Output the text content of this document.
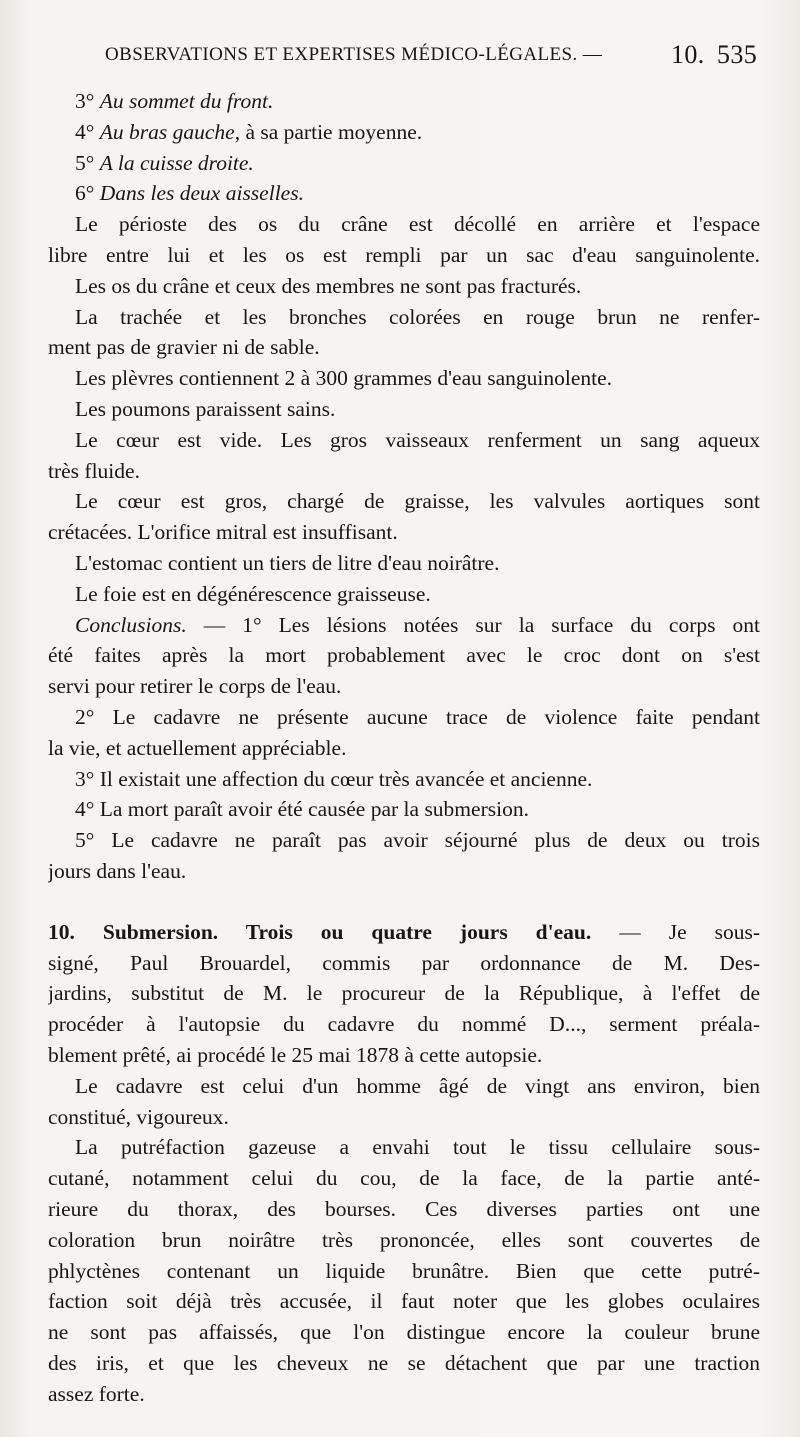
OBSERVATIONS ET EXPERTISES MÉDICO-LÉGALES. —	10. 535
3° Au sommet du front.
4° Au bras gauche, à sa partie moyenne.
5° A la cuisse droite.
6° Dans les deux aisselles.
Le périoste des os du crâne est décollé en arrière et l'espace
libre entre lui et les os est rempli par un sac d'eau sanguinolente.
Les os du crâne et ceux des membres ne sont pas fracturés.
La trachée et les bronches colorées en rouge brun ne renfer-
ment pas de gravier ni de sable.
Les plèvres contiennent 2 à 300 grammes d'eau sanguinolente.
Les poumons paraissent sains.
Le cœur est vide. Les gros vaisseaux renferment un sang aqueux
très fluide.
Le cœur est gros, chargé de graisse, les valvules aortiques sont
crétacées. L'orifice mitral est insuffisant.
L'estomac contient un tiers de litre d'eau noirâtre.
Le foie est en dégénérescence graisseuse.
Conclusions. — 1° Les lésions notées sur la surface du corps ont
été faites après la mort probablement avec le croc dont on s'est
servi pour retirer le corps de l'eau.
2° Le cadavre ne présente aucune trace de violence faite pendant
la vie, et actuellement appréciable.
3° Il existait une affection du cœur très avancée et ancienne.
4° La mort paraît avoir été causée par la submersion.
5° Le cadavre ne paraît pas avoir séjourné plus de deux ou trois
jours dans l'eau.
10. Submersion. Trois ou quatre jours d'eau. — Je sous-
signé, Paul Brouardel, commis par ordonnance de M. Des-
jardins, substitut de M. le procureur de la République, à l'effet de
procéder à l'autopsie du cadavre du nommé D..., serment préala-
blement prêté, ai procédé le 25 mai 1878 à cette autopsie.
Le cadavre est celui d'un homme âgé de vingt ans environ, bien
constitué, vigoureux.
La putréfaction gazeuse a envahi tout le tissu cellulaire sous-
cutané, notamment celui du cou, de la face, de la partie anté-
rieure du thorax, des bourses. Ces diverses parties ont une
coloration brun noirâtre très prononcée, elles sont couvertes de
phlyctènes contenant un liquide brunâtre. Bien que cette putré-
faction soit déjà très accusée, il faut noter que les globes oculaires
ne sont pas affaissés, que l'on distingue encore la couleur brune
des iris, et que les cheveux ne se détachent que par une traction
assez forte.
